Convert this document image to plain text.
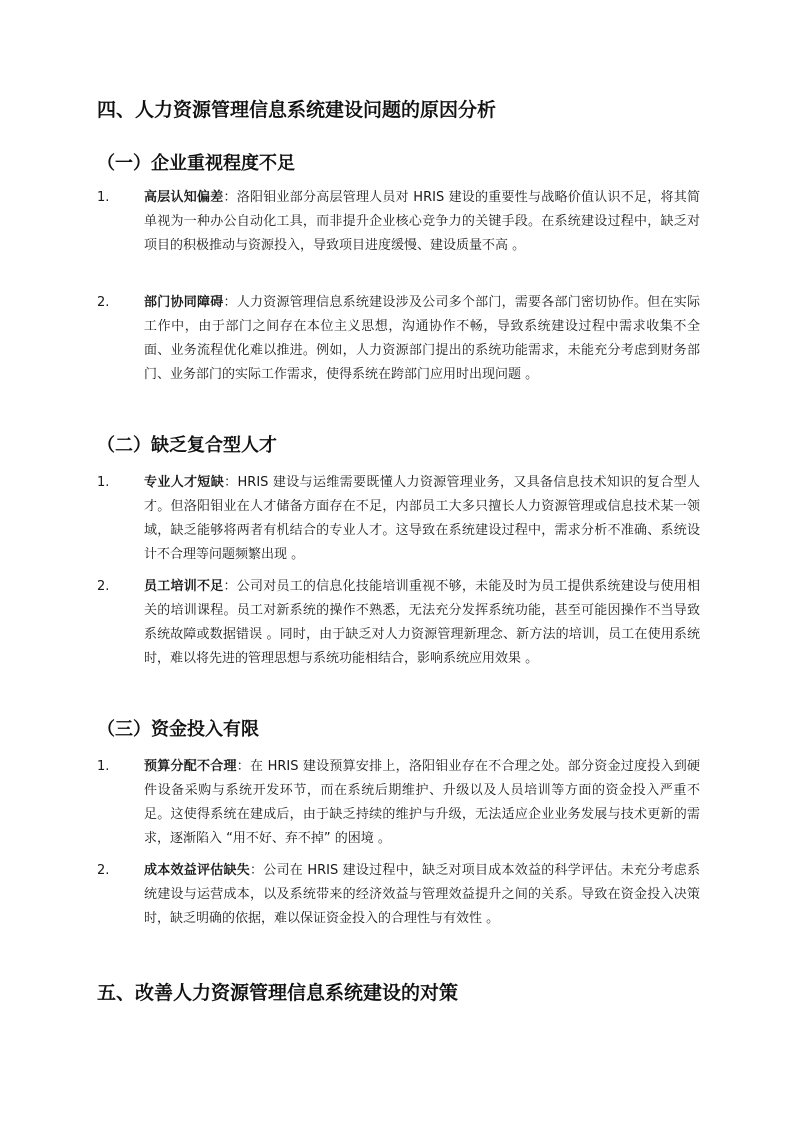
四、人力资源管理信息系统建设问题的原因分析
（一）企业重视程度不足
1.	高层认知偏差：洛阳钼业部分高层管理人员对 HRIS 建设的重要性与战略价值认识不足，将其简单视为一种办公自动化工具，而非提升企业核心竞争力的关键手段。在系统建设过程中，缺乏对项目的积极推动与资源投入，导致项目进度缓慢、建设质量不高 。
2.	部门协同障碍：人力资源管理信息系统建设涉及公司多个部门，需要各部门密切协作。但在实际工作中，由于部门之间存在本位主义思想，沟通协作不畅，导致系统建设过程中需求收集不全面、业务流程优化难以推进。例如，人力资源部门提出的系统功能需求，未能充分考虑到财务部门、业务部门的实际工作需求，使得系统在跨部门应用时出现问题 。
（二）缺乏复合型人才
1.	专业人才短缺：HRIS 建设与运维需要既懂人力资源管理业务，又具备信息技术知识的复合型人才。但洛阳钼业在人才储备方面存在不足，内部员工大多只擅长人力资源管理或信息技术某一领域，缺乏能够将两者有机结合的专业人才。这导致在系统建设过程中，需求分析不准确、系统设计不合理等问题频繁出现 。
2.	员工培训不足：公司对员工的信息化技能培训重视不够，未能及时为员工提供系统建设与使用相关的培训课程。员工对新系统的操作不熟悉，无法充分发挥系统功能，甚至可能因操作不当导致系统故障或数据错误 。同时，由于缺乏对人力资源管理新理念、新方法的培训，员工在使用系统时，难以将先进的管理思想与系统功能相结合，影响系统应用效果 。
（三）资金投入有限
1.	预算分配不合理：在 HRIS 建设预算安排上，洛阳钼业存在不合理之处。部分资金过度投入到硬件设备采购与系统开发环节，而在系统后期维护、升级以及人员培训等方面的资金投入严重不足。这使得系统在建成后，由于缺乏持续的维护与升级，无法适应企业业务发展与技术更新的需求，逐渐陷入 “用不好、弃不掉” 的困境 。
2.	成本效益评估缺失：公司在 HRIS 建设过程中，缺乏对项目成本效益的科学评估。未充分考虑系统建设与运营成本，以及系统带来的经济效益与管理效益提升之间的关系。导致在资金投入决策时，缺乏明确的依据，难以保证资金投入的合理性与有效性 。
五、改善人力资源管理信息系统建设的对策
